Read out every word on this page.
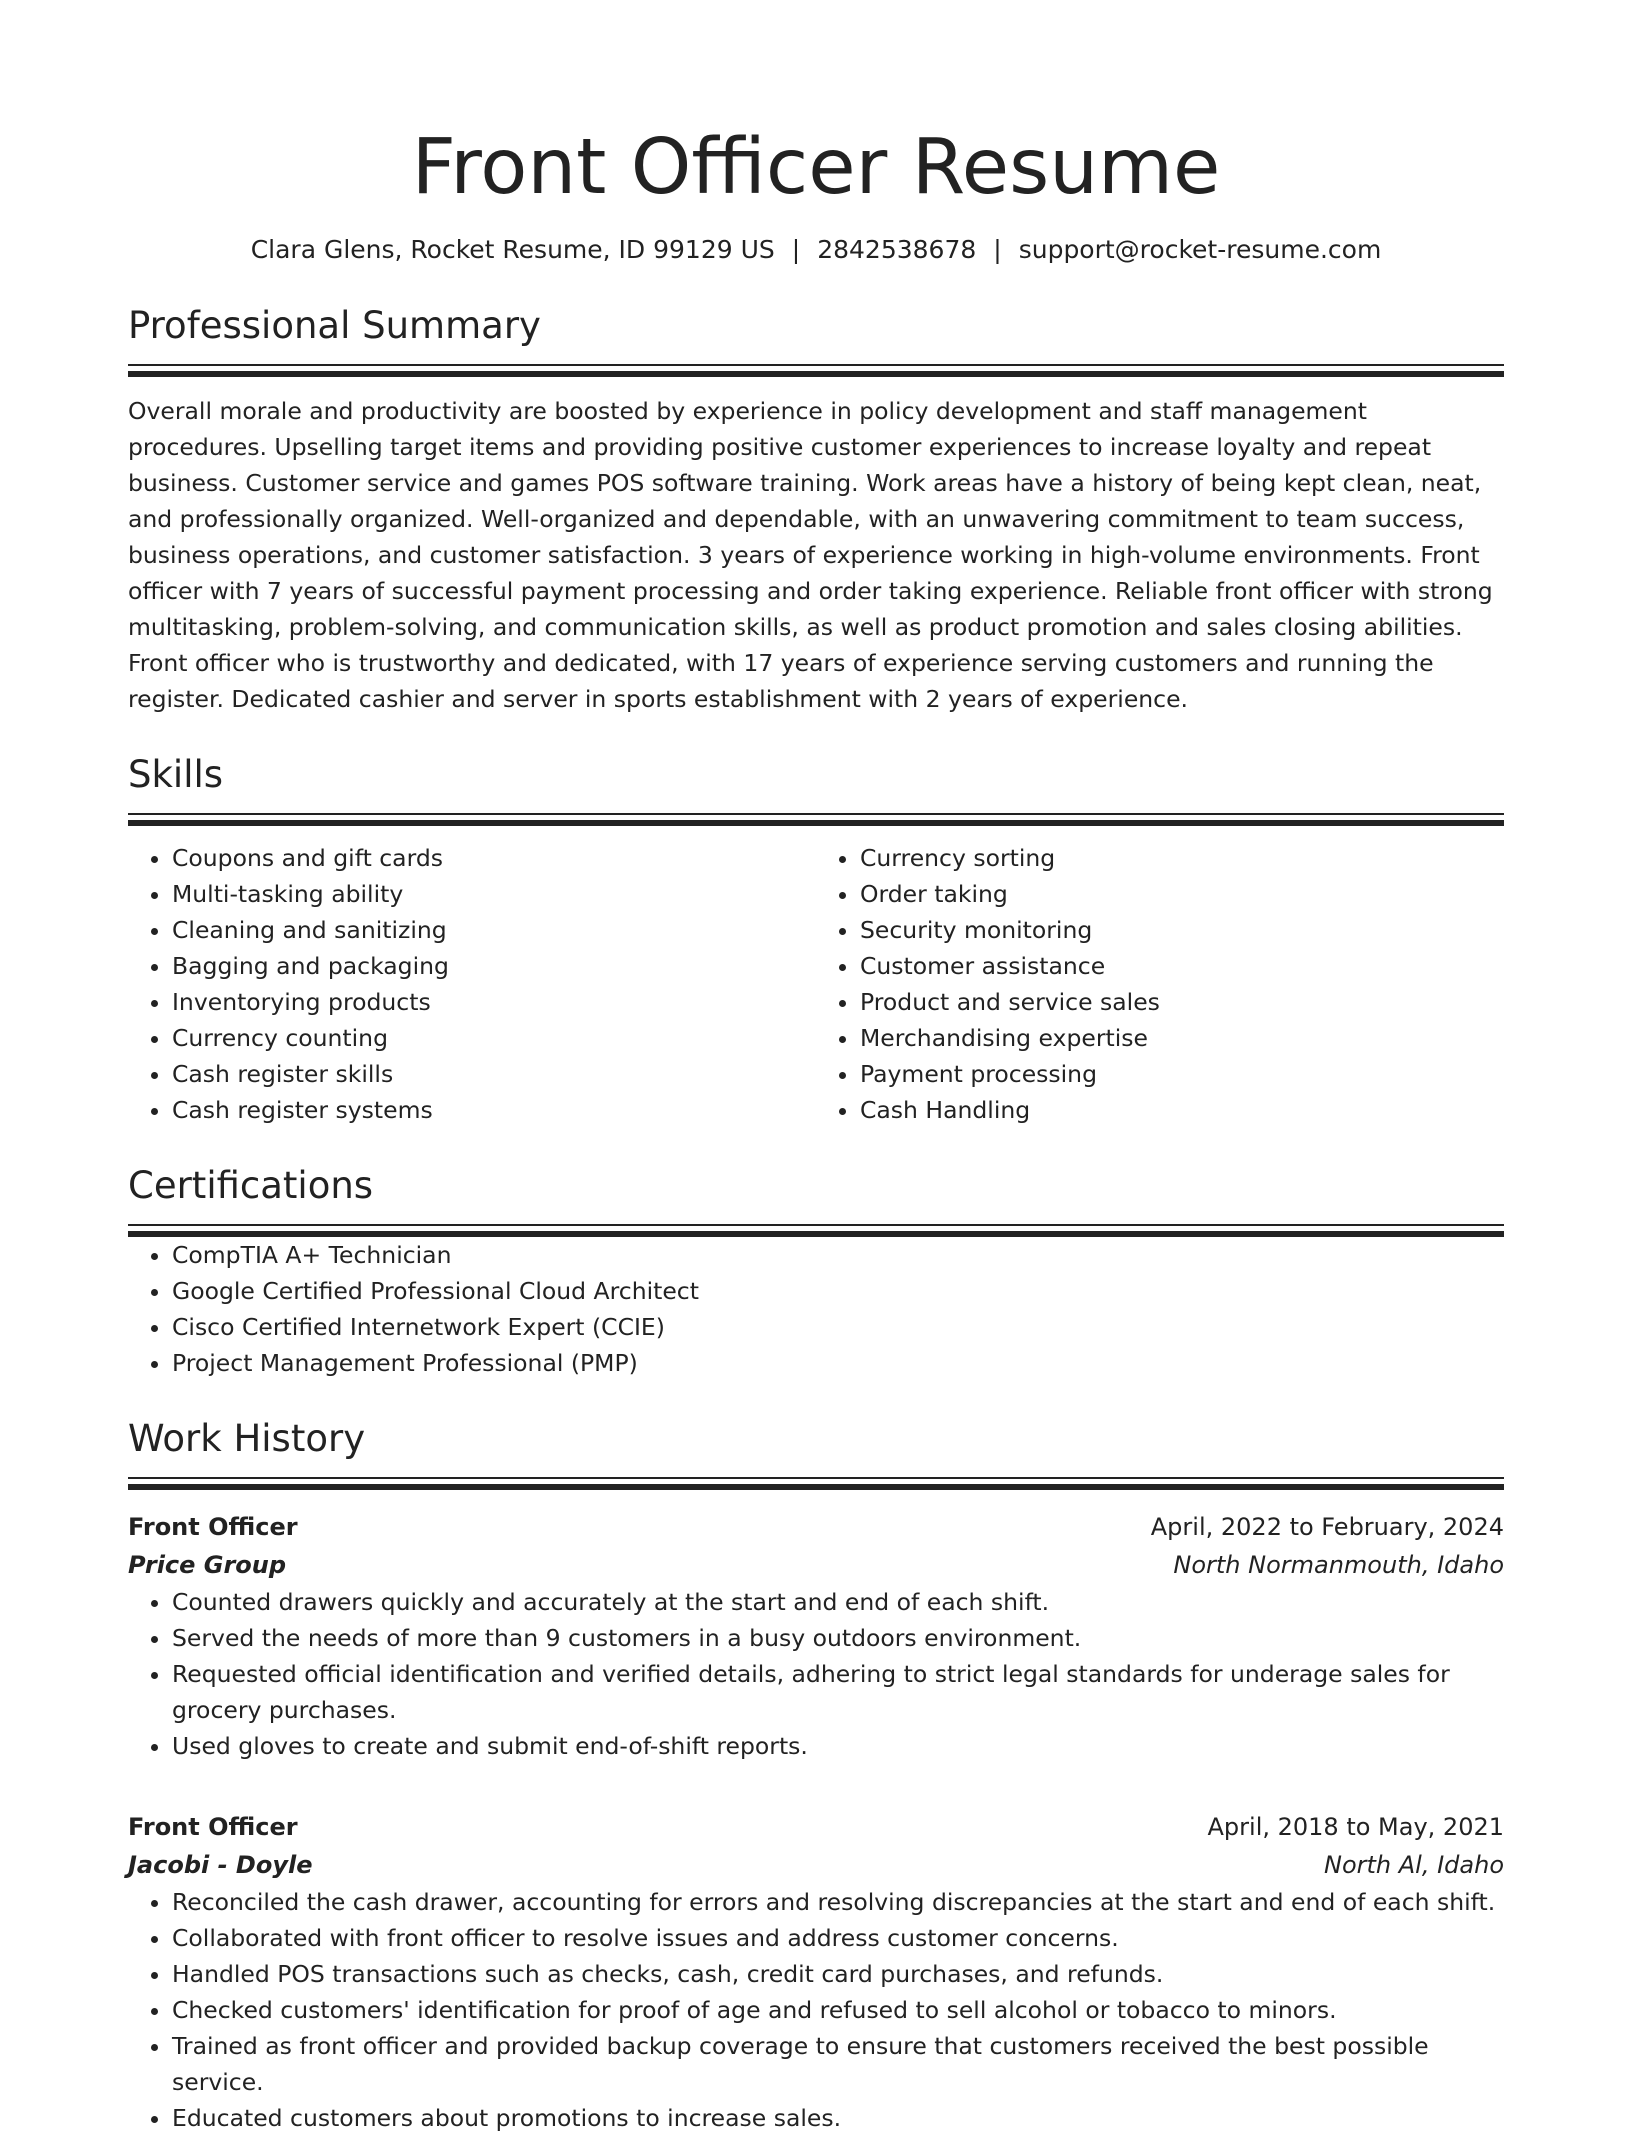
Front Officer Resume
Clara Glens, Rocket Resume, ID 99129 US | 2842538678 | support@rocket-resume.com
Professional Summary
Overall morale and productivity are boosted by experience in policy development and staff management procedures. Upselling target items and providing positive customer experiences to increase loyalty and repeat business. Customer service and games POS software training. Work areas have a history of being kept clean, neat, and professionally organized. Well-organized and dependable, with an unwavering commitment to team success, business operations, and customer satisfaction. 3 years of experience working in high-volume environments. Front officer with 7 years of successful payment processing and order taking experience. Reliable front officer with strong multitasking, problem-solving, and communication skills, as well as product promotion and sales closing abilities. Front officer who is trustworthy and dedicated, with 17 years of experience serving customers and running the register. Dedicated cashier and server in sports establishment with 2 years of experience.
Skills
• Coupons and gift cards
• Multi-tasking ability
• Cleaning and sanitizing
• Bagging and packaging
• Inventorying products
• Currency counting
• Cash register skills
• Cash register systems
• Currency sorting
• Order taking
• Security monitoring
• Customer assistance
• Product and service sales
• Merchandising expertise
• Payment processing
• Cash Handling
Certifications
• CompTIA A+ Technician
• Google Certified Professional Cloud Architect
• Cisco Certified Internetwork Expert (CCIE)
• Project Management Professional (PMP)
Work History
Front Officer	April, 2022 to February, 2024
Price Group	North Normanmouth, Idaho
• Counted drawers quickly and accurately at the start and end of each shift.
• Served the needs of more than 9 customers in a busy outdoors environment.
• Requested official identification and verified details, adhering to strict legal standards for underage sales for grocery purchases.
• Used gloves to create and submit end-of-shift reports.
Front Officer	April, 2018 to May, 2021
Jacobi - Doyle	North Al, Idaho
• Reconciled the cash drawer, accounting for errors and resolving discrepancies at the start and end of each shift.
• Collaborated with front officer to resolve issues and address customer concerns.
• Handled POS transactions such as checks, cash, credit card purchases, and refunds.
• Checked customers' identification for proof of age and refused to sell alcohol or tobacco to minors.
• Trained as front officer and provided backup coverage to ensure that customers received the best possible service.
• Educated customers about promotions to increase sales.
